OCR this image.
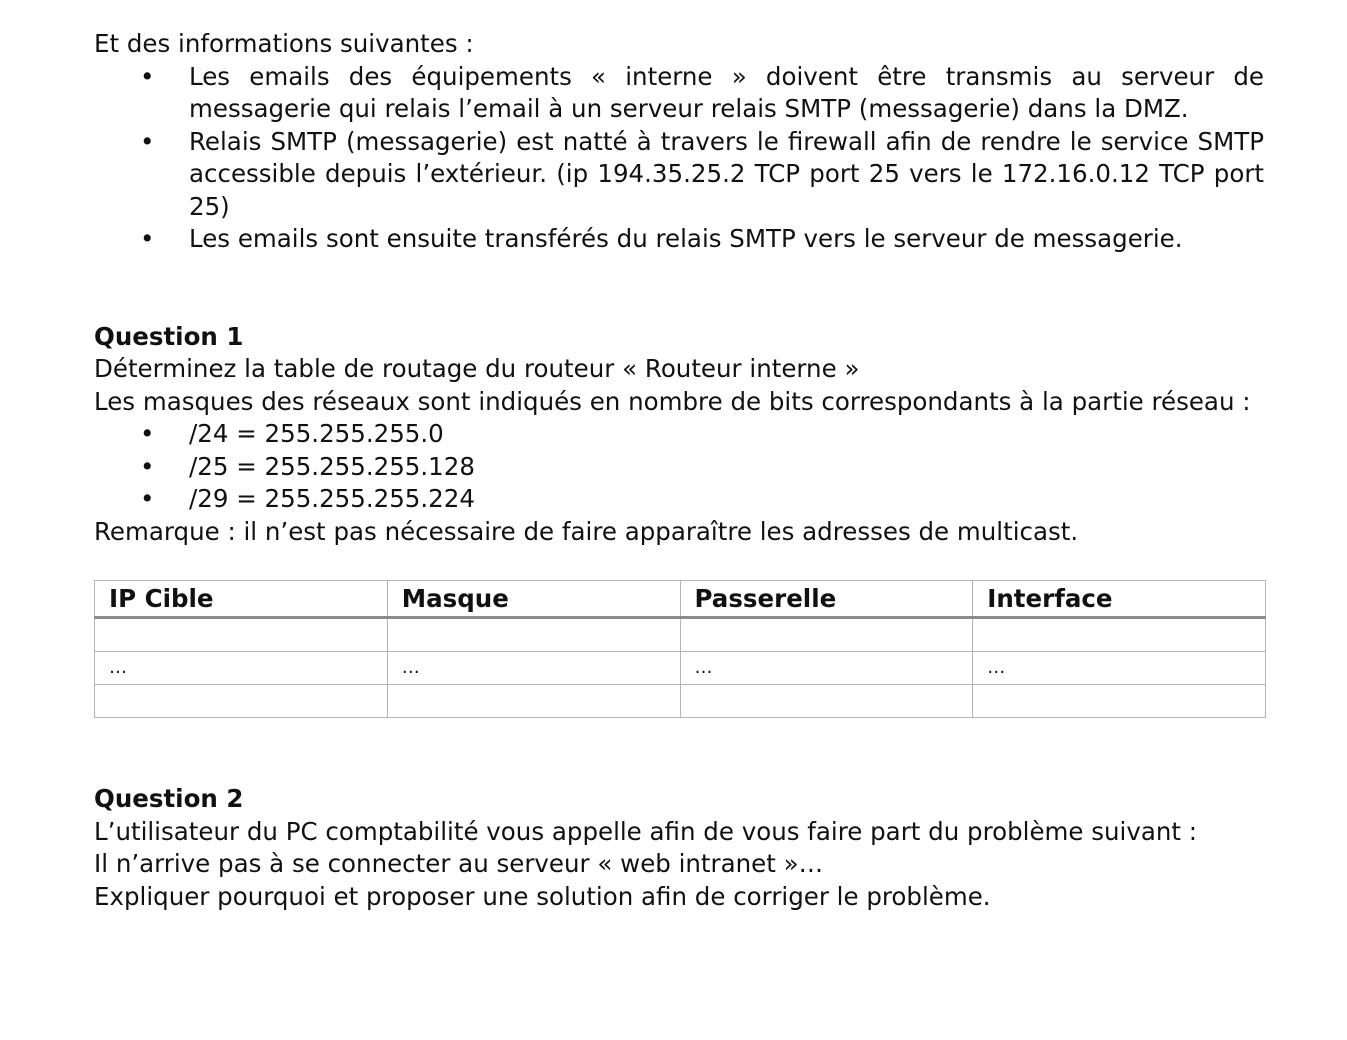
Et des informations suivantes :

• Les emails des équipements « interne » doivent être transmis au serveur de messagerie qui relais l’email à un serveur relais SMTP (messagerie) dans la DMZ.
• Relais SMTP (messagerie) est natté à travers le firewall afin de rendre le service SMTP accessible depuis l’extérieur. (ip 194.35.25.2 TCP port 25 vers le 172.16.0.12 TCP port 25)
• Les emails sont ensuite transférés du relais SMTP vers le serveur de messagerie.

Question 1

Déterminez la table de routage du routeur « Routeur interne »

Les masques des réseaux sont indiqués en nombre de bits correspondants à la partie réseau :

• /24 = 255.255.255.0
• /25 = 255.255.255.128
• /29 = 255.255.255.224

Remarque : il n’est pas nécessaire de faire apparaître les adresses de multicast.

IP Cible	Masque	Passerelle	Interface

…	…	…	…

Question 2

L’utilisateur du PC comptabilité vous appelle afin de vous faire part du problème suivant :

Il n’arrive pas à se connecter au serveur « web intranet »…

Expliquer pourquoi et proposer une solution afin de corriger le problème.
